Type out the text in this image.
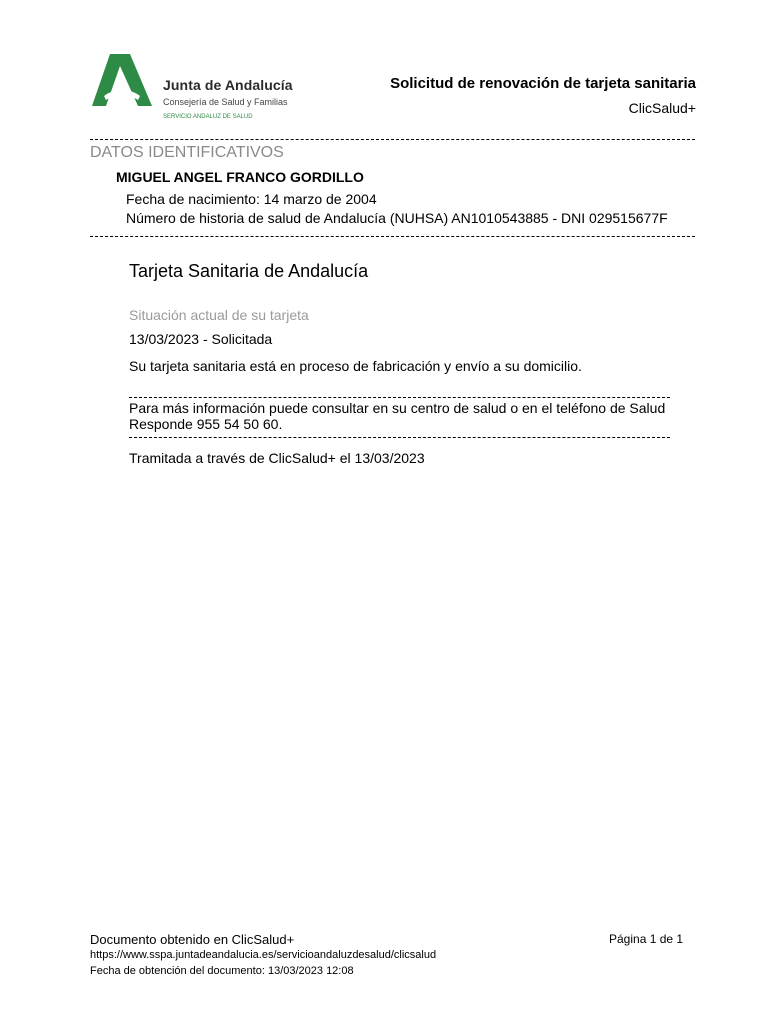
Junta de Andalucía
Consejería de Salud y Familias
SERVICIO ANDALUZ DE SALUD
Solicitud de renovación de tarjeta sanitaria
ClicSalud+
DATOS IDENTIFICATIVOS
MIGUEL ANGEL FRANCO GORDILLO
Fecha de nacimiento: 14 marzo de 2004
Número de historia de salud de Andalucía (NUHSA) AN1010543885 - DNI 029515677F
Tarjeta Sanitaria de Andalucía
Situación actual de su tarjeta
13/03/2023 - Solicitada
Su tarjeta sanitaria está en proceso de fabricación y envío a su domicilio.
Para más información puede consultar en su centro de salud o en el teléfono de Salud Responde 955 54 50 60.
Tramitada a través de ClicSalud+ el 13/03/2023
Documento obtenido en ClicSalud+
https://www.sspa.juntadeandalucia.es/servicioandaluzdesalud/clicsalud
Fecha de obtención del documento: 13/03/2023 12:08
Página 1 de 1
